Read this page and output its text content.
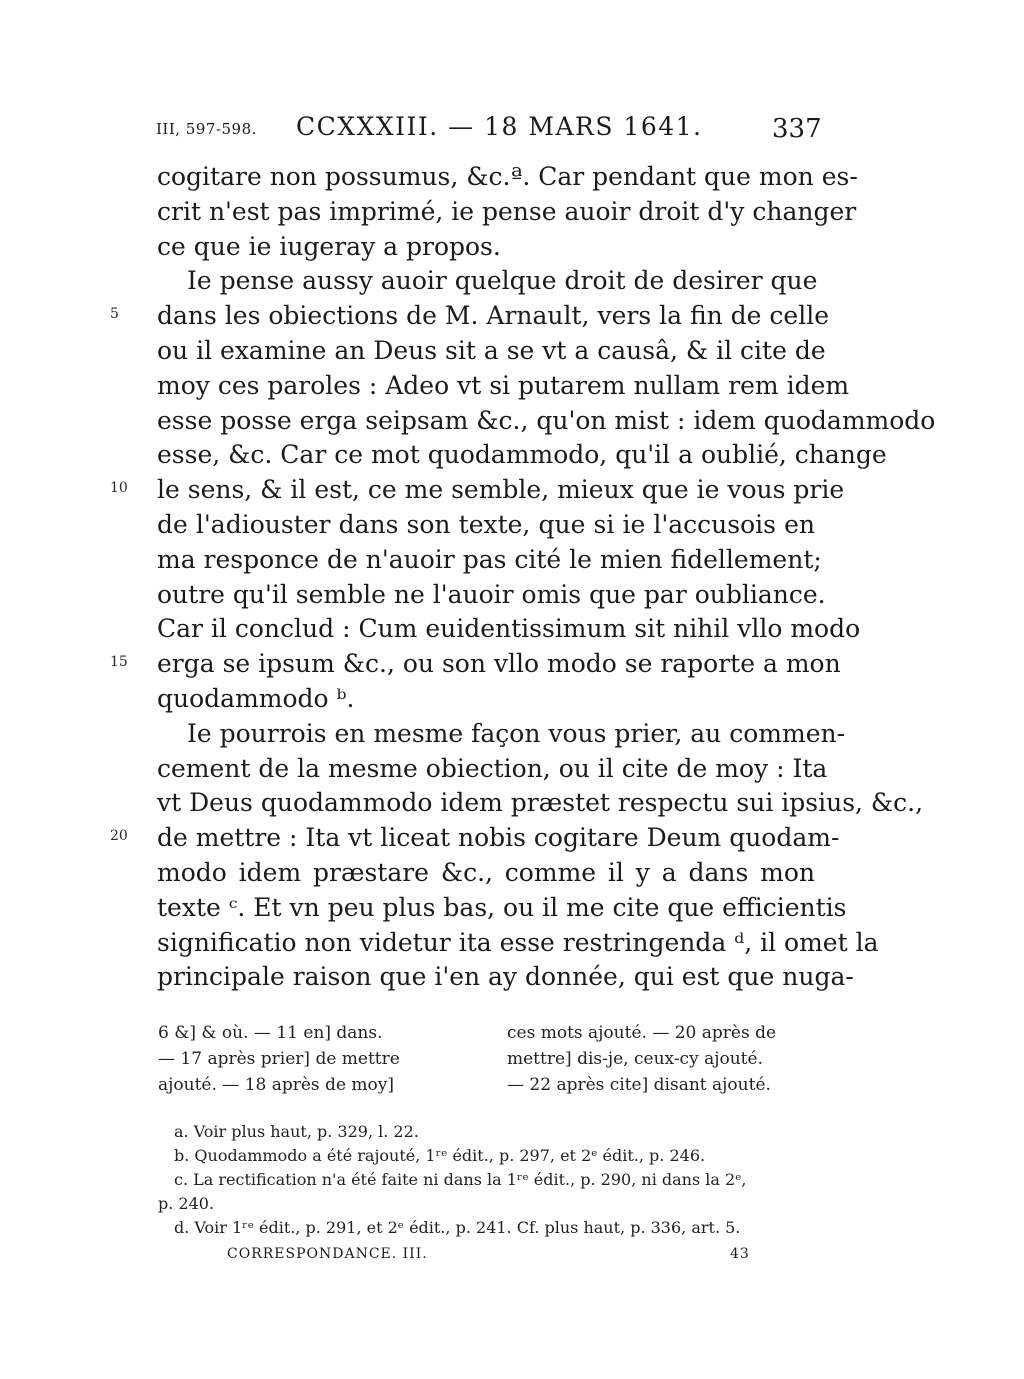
III, 597-598. CCXXXIII. — 18 MARS 1641.	337
cogitare non possumus, &c.ª. Car pendant que mon es-
crit n'est pas imprimé, ie pense auoir droit d'y changer
ce que ie iugeray a propos.
Ie pense aussy auoir quelque droit de desirer que
dans les obiections de M. Arnault, vers la fin de celle
ou il examine an Deus sit a se vt a causâ, & il cite de
moy ces paroles : Adeo vt si putarem nullam rem idem
esse posse erga seipsam &c., qu'on mist : idem quodammodo
esse, &c. Car ce mot quodammodo, qu'il a oublié, change
le sens, & il est, ce me semble, mieux que ie vous prie
de l'adiouster dans son texte, que si ie l'accusois en
ma responce de n'auoir pas cité le mien fidellement;
outre qu'il semble ne l'auoir omis que par oubliance.
Car il conclud : Cum euidentissimum sit nihil vllo modo
erga se ipsum &c., ou son vllo modo se raporte a mon
quodammodo ᵇ.
Ie pourrois en mesme façon vous prier, au commen-
cement de la mesme obiection, ou il cite de moy : Ita
vt Deus quodammodo idem præstet respectu sui ipsius, &c.,
de mettre : Ita vt liceat nobis cogitare Deum quodam-
modo idem præstare &c., comme il y a dans mon
texte ᶜ. Et vn peu plus bas, ou il me cite que efficientis
significatio non videtur ita esse restringenda ᵈ, il omet la
principale raison que i'en ay donnée, qui est que nuga-
5
10
15
20
6 &] & où. — 11 en] dans.
— 17 après prier] de mettre
ajouté. — 18 après de moy]
ces mots ajouté. — 20 après de
mettre] dis-je, ceux-cy ajouté.
— 22 après cite] disant ajouté.
a. Voir plus haut, p. 329, l. 22.
b. Quodammodo a été rajouté, 1ʳᵉ édit., p. 297, et 2ᵉ édit., p. 246.
c. La rectification n'a été faite ni dans la 1ʳᵉ édit., p. 290, ni dans la 2ᵉ,
p. 240.
d. Voir 1ʳᵉ édit., p. 291, et 2ᵉ édit., p. 241. Cf. plus haut, p. 336, art. 5.
CORRESPONDANCE. III.	43
